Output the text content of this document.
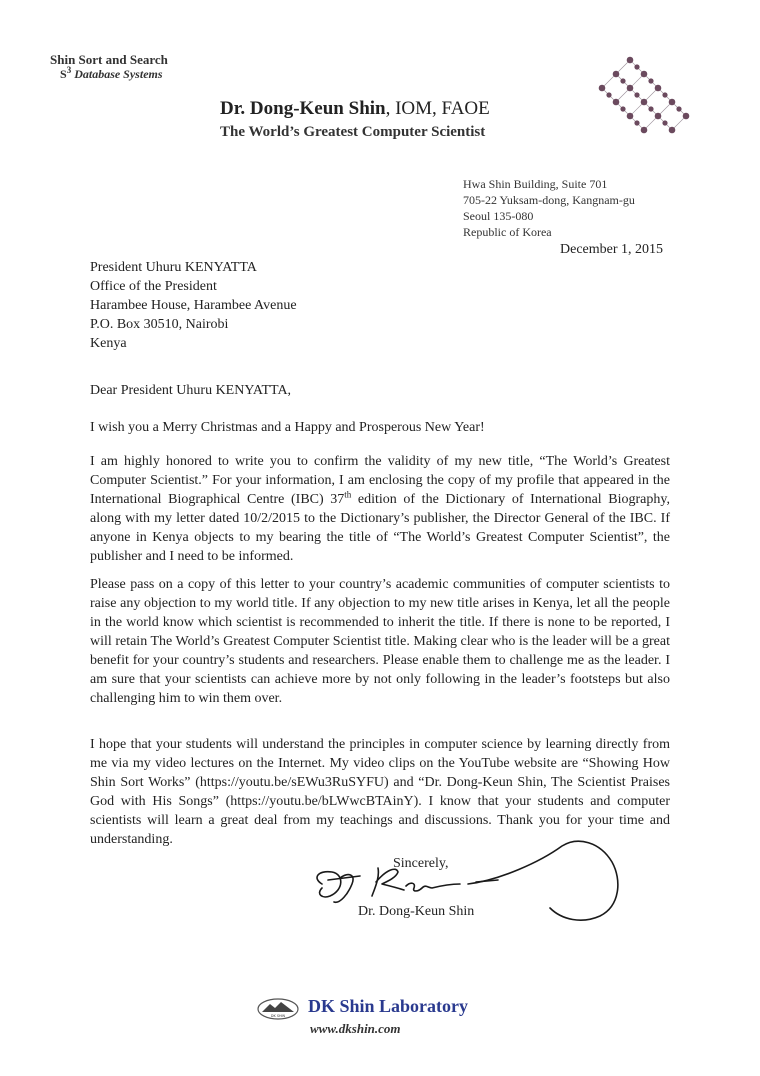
Shin Sort and Search
$S^3$ Database Systems
Dr. Dong-Keun Shin, IOM, FAOE
The World’s Greatest Computer Scientist
Hwa Shin Building, Suite 701
705-22 Yuksam-dong, Kangnam-gu
Seoul 135-080
Republic of Korea
December 1, 2015
President Uhuru KENYATTA
Office of the President
Harambee House, Harambee Avenue
P.O. Box 30510, Nairobi
Kenya

Dear President Uhuru KENYATTA,

I wish you a Merry Christmas and a Happy and Prosperous New Year!

I am highly honored to write you to confirm the validity of my new title, “The World’s Greatest Computer Scientist.” For your information, I am enclosing the copy of my profile that appeared in the International Biographical Centre (IBC) 37th edition of the Dictionary of International Biography, along with my letter dated 10/2/2015 to the Dictionary’s publisher, the Director General of the IBC. If anyone in Kenya objects to my bearing the title of “The World’s Greatest Computer Scientist”, the publisher and I need to be informed.

Please pass on a copy of this letter to your country’s academic communities of computer scientists to raise any objection to my world title. If any objection to my new title arises in Kenya, let all the people in the world know which scientist is recommended to inherit the title. If there is none to be reported, I will retain The World’s Greatest Computer Scientist title. Making clear who is the leader will be a great benefit for your country’s students and researchers. Please enable them to challenge me as the leader. I am sure that your scientists can achieve more by not only following in the leader’s footsteps but also challenging him to win them over.

I hope that your students will understand the principles in computer science by learning directly from me via my video lectures on the Internet. My video clips on the YouTube website are “Showing How Shin Sort Works” (https://youtu.be/sEWu3RuSYFU) and “Dr. Dong-Keun Shin, The Scientist Praises God with His Songs” (https://youtu.be/bLWwcBTAinY). I know that your students and computer scientists will learn a great deal from my teachings and discussions. Thank you for your time and understanding.

Sincerely,
Dr. Dong-Keun Shin
DK SHIN DK Shin Laboratory
www.dkshin.com
